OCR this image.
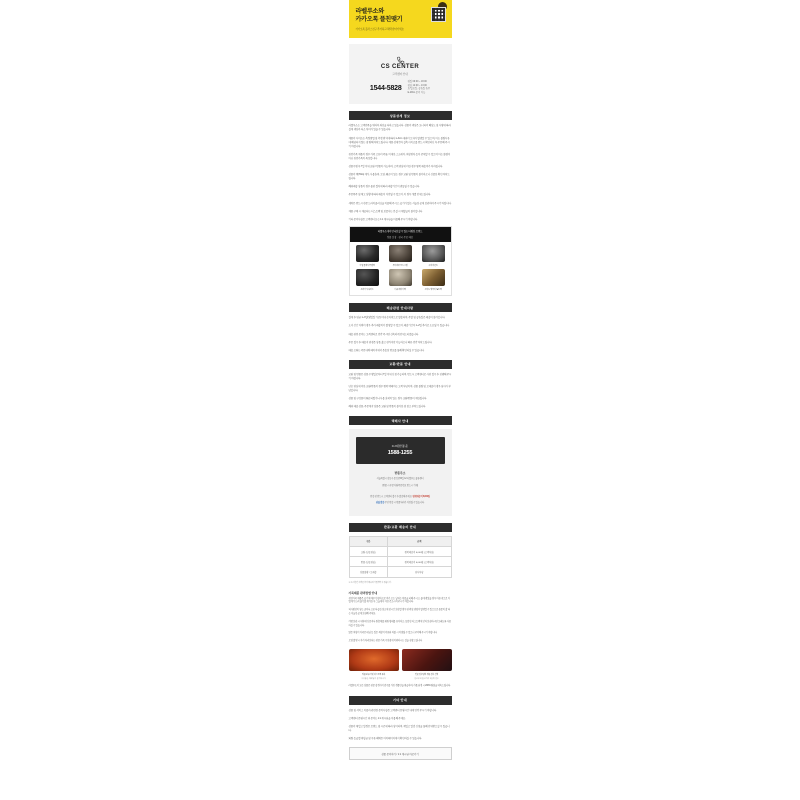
라벨루소와
카카오톡 플친맺기
카카오톡 플러스친구 추가하고 혜택 받아가세요
CS CENTER
고객센터 안내
1544-5828
평일 09:00 ~ 18:00
점심 12:00 ~ 13:00
토/일요일, 공휴일 휴무
E-MAIL 문의 가능
상품상세 정보

라벨루소는 고객만족을 위하여 최선을 다하고 있습니다. 상품의 색상은 모니터의 해상도 및 사양에 따라 실제 색상과 다소 차이가 있을 수 있습니다.

제품의 사이즈는 측정방법 및 측정 위치에 따라 1~3cm 내외의 오차가 발생할 수 있으며, 이는 불량사유에 해당되지 않는 점 양해 부탁드립니다. 제품 상세컷과 실측 사이즈를 반드시 확인하신 후 주문해 주시기 바랍니다.

천연가죽 제품의 경우 가죽 고유의 주름, 미세한 스크래치, 색상편차 등이 존재할 수 있으며 이는 불량이 아닌 천연가죽의 특성입니다.

상품수령 후 7일 이내 교환 / 반품이 가능하며, 고객 변심에 의한 경우 왕복 배송비가 부과됩니다.

상품의 택(TAG) 제거, 사용흔적, 오염, 훼손이 있는 경우 교환 및 반품이 불가하오니 신중한 확인 부탁드립니다.

해외배송 상품의 경우 통관 절차에 따라 배송기간이 변동될 수 있습니다.

주문폭주 및 재고 상황에 따라 배송이 지연될 수 있으며, 이 경우 개별 안내드립니다.

세탁은 반드시 전문 드라이클리닝을 이용해 주시고, 습기가 없는 서늘한 곳에 보관하여 주시기 바랍니다.

제품 구매 시 제공되는 더스트백 및 보증서는 분실 시 재발급이 불가합니다.

기타 문의사항은 고객센터 또는 1:1 게시판을 이용해 주시기 바랍니다.

라벨루소에서 만나보실 수 있는 다양한 브랜드
정품 보장 · 전국 무료 배송
샤넬 클래식 플랩백	루이비통 모노그램	구찌 마몬트
프라다 사피아노	디올 레이디백	고야드 생루이 토트백
배송관련 안내사항

결제 후 평균 1~3일(영업일 기준) 이내 순차적으로 발송되며, 주말 및 공휴일은 배송이 불가합니다.

도서 산간 지역의 경우 추가 배송비가 발생할 수 있으며, 배송기간이 1~2일 추가로 소요될 수 있습니다.

배송 관련 문의는 고객센터로 연락 주시면 신속하게 안내드리겠습니다.

주문 접수 후 배송지 변경은 상품 출고 전까지만 가능하오니 빠른 연락 부탁드립니다.

배송 조회는 주문내역 페이지에서 운송장 번호를 통해 확인하실 수 있습니다.

교환/반품 안내

교환 및 반품은 상품 수령일로부터 7일 이내 신청 가능하며, 반드시 고객센터로 사전 접수 후 진행해 주시기 바랍니다.

단순 변심에 의한 교환/반품의 경우 왕복 택배비는 고객 부담이며, 상품 불량 및 오배송의 경우 당사가 부담합니다.

상품 및 구성품이 훼손되었거나 사용 흔적이 있는 경우 교환/반품이 제한됩니다.

해외 배송 상품, 주문제작 상품은 교환 및 반품이 불가한 점 참고 부탁드립니다.

택배사 안내
CJ대한통운
1588-1255
반품주소
서울특별시 강동구 풍성로63길 12 라벨루소 물류센터
(반품 시 주문자명/주문번호 반드시 기재)
반송 전 반드시 고객센터 접수 후 발송해 주세요. 왕복배송비 6,000원
선불 발송 무단 반송 시 반품처리가 지연될 수 있습니다.
반품/교환 배송비 안내
구분	금액
교환 (단순변심)	왕복배송비 6,000원 (고객부담)
반품 (단순변심)	왕복배송비 6,000원 (고객부담)
상품불량 / 오배송	당사부담
※ 도서산간 지역은 추가 배송비가 발생할 수 있습니다.
가죽제품 관리방법 안내

천연가죽 제품은 습기에 매우 민감하므로 비가 오는 날에는 착용을 피해 주시고, 물에 젖었을 경우 마른 천으로 가볍게 두드려 물기를 제거한 후 그늘에서 자연 건조시켜 주시기 바랍니다.

직사광선이 닿는 곳이나 고온 다습한 장소에 장시간 보관할 경우 변색 및 변형이 발생할 수 있으므로 통풍이 잘 되는 서늘한 곳에 보관해 주세요.

가방 보관 시 내부에 신문지나 완충재를 채워 형태를 유지하고, 동봉된 더스트백에 넣어 보관하시면 오래도록 사용하실 수 있습니다.

밝은 색상의 가죽은 데님 등 짙은 색상의 의류와 마찰 시 이염될 수 있으니 주의해 주시기 바랍니다.

오염 발생 시 자가 처리보다는 전문 가죽 수선점에 의뢰하시는 것을 권장드립니다.

정품 보증서 및 더스트백 동봉
구성품은 재발급이 불가합니다
전문 검수팀의 정품 검수 진행
입고부터 출고까지 3단계 검수

라벨루소의 모든 상품은 전문 감정사의 검수를 거친 정품만을 취급하며, 가품 판정 시 200% 환불을 약속드립니다.

기타 안내

상품 및 서비스 이용과 관련된 문의사항은 고객센터 운영시간 내에 연락 주시기 바랍니다.

고객센터 운영시간 외 문의는 1:1 게시판을 이용해 주세요.

상품의 재입고 일정은 브랜드 및 시즌에 따라 상이하며, 재입고 알림 신청을 통해 안내받으실 수 있습니다.

회원 등급별 적립금 및 쿠폰 혜택은 마이페이지에서 확인하실 수 있습니다.

상품 문의하기 / 1:1 게시판 바로가기
